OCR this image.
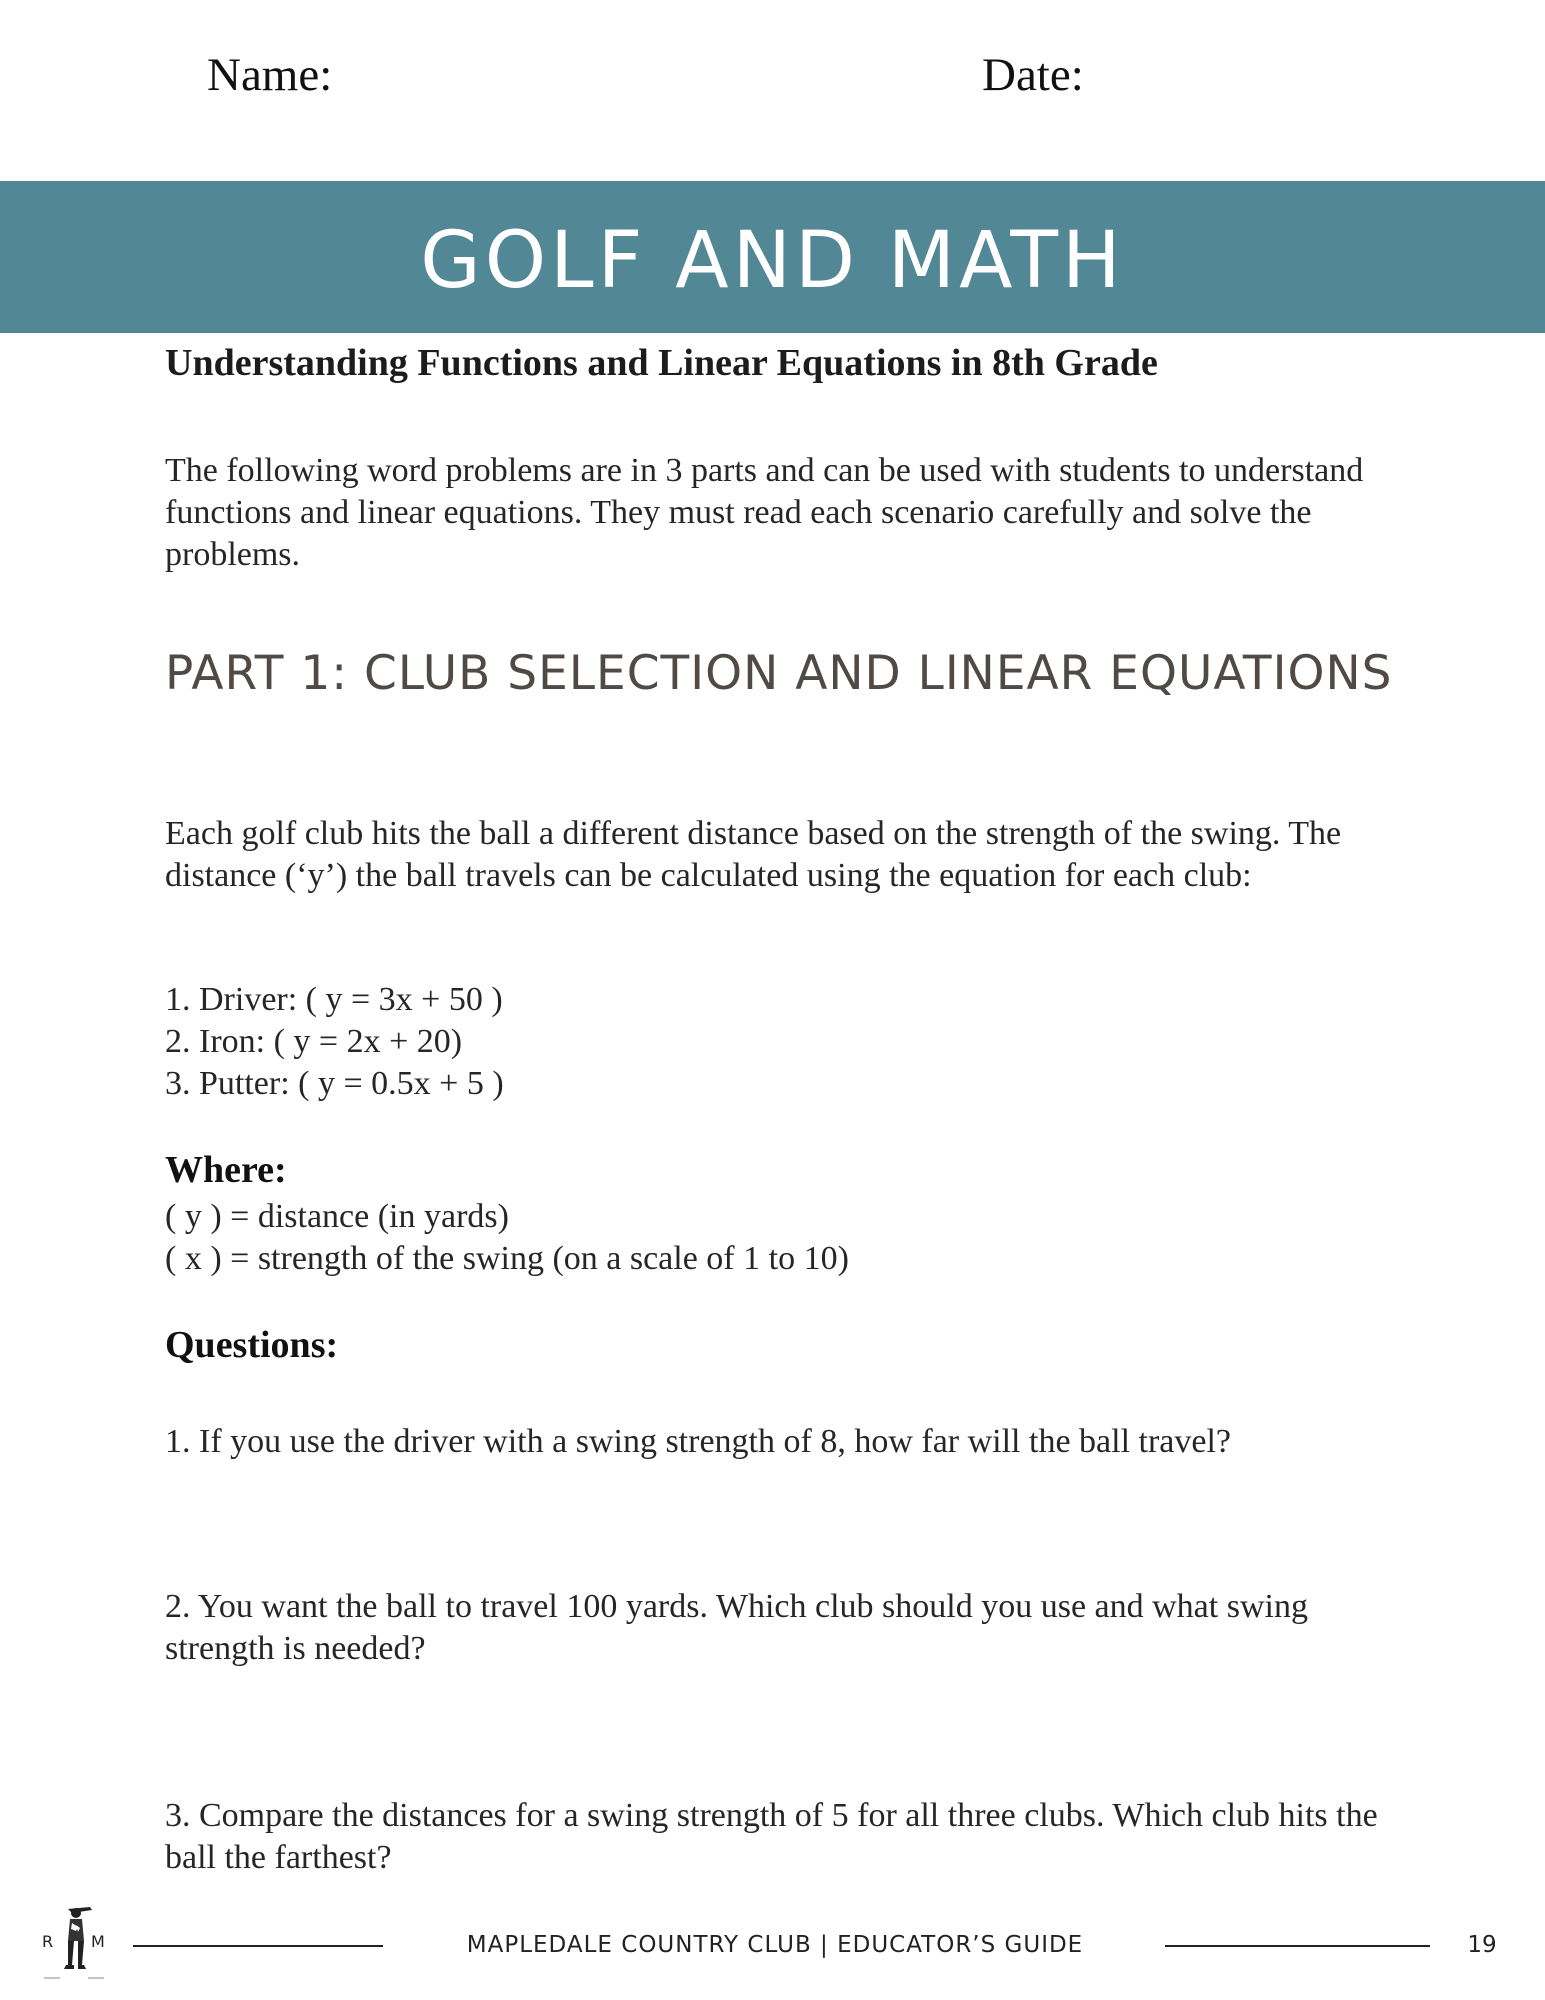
Name:	Date:
GOLF AND MATH
Understanding Functions and Linear Equations in 8th Grade
The following word problems are in 3 parts and can be used with students to understand functions and linear equations. They must read each scenario carefully and solve the problems.
PART 1: CLUB SELECTION AND LINEAR EQUATIONS
Each golf club hits the ball a different distance based on the strength of the swing. The distance (‘y’) the ball travels can be calculated using the equation for each club:
1. Driver: ( y = 3x + 50 )
2. Iron: ( y = 2x + 20)
3. Putter: ( y = 0.5x + 5 )
Where:
( y ) = distance (in yards)
( x ) = strength of the swing (on a scale of 1 to 10)
Questions:
1. If you use the driver with a swing strength of 8, how far will the ball travel?
2. You want the ball to travel 100 yards. Which club should you use and what swing strength is needed?
3. Compare the distances for a swing strength of 5 for all three clubs. Which club hits the ball the farthest?
R M	MAPLEDALE COUNTRY CLUB | EDUCATOR’S GUIDE	19
